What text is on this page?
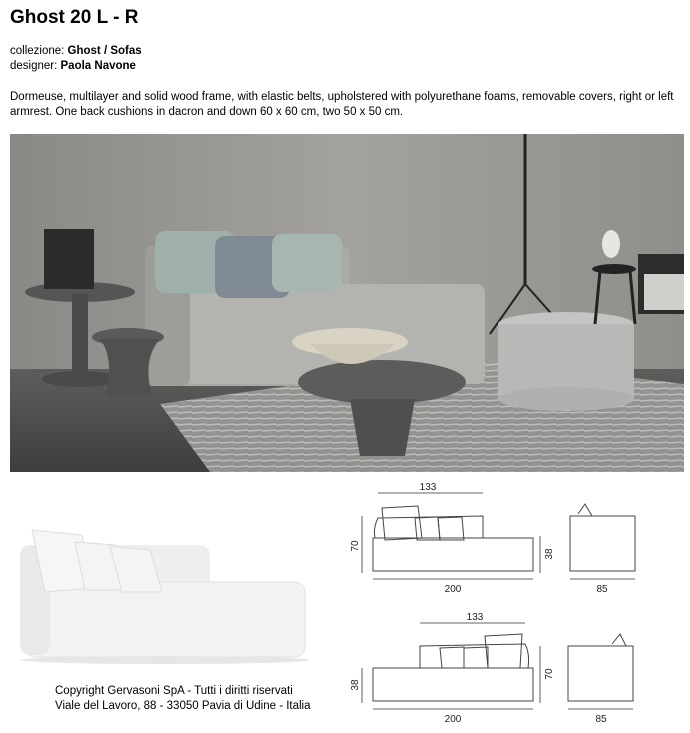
Ghost 20 L - R
collezione: Ghost / Sofas
designer: Paola Navone
Dormeuse, multilayer and solid wood frame, with elastic belts, upholstered with polyurethane foams, removable covers, right or left armrest. One back cushions in dacron and down 60 x 60 cm, two 50 x 50 cm.
Copyright Gervasoni SpA - Tutti i diritti riservati
Viale del Lavoro, 88 - 33050 Pavia di Udine - Italia
133
70
38
200	85
133
70
38
200	85
